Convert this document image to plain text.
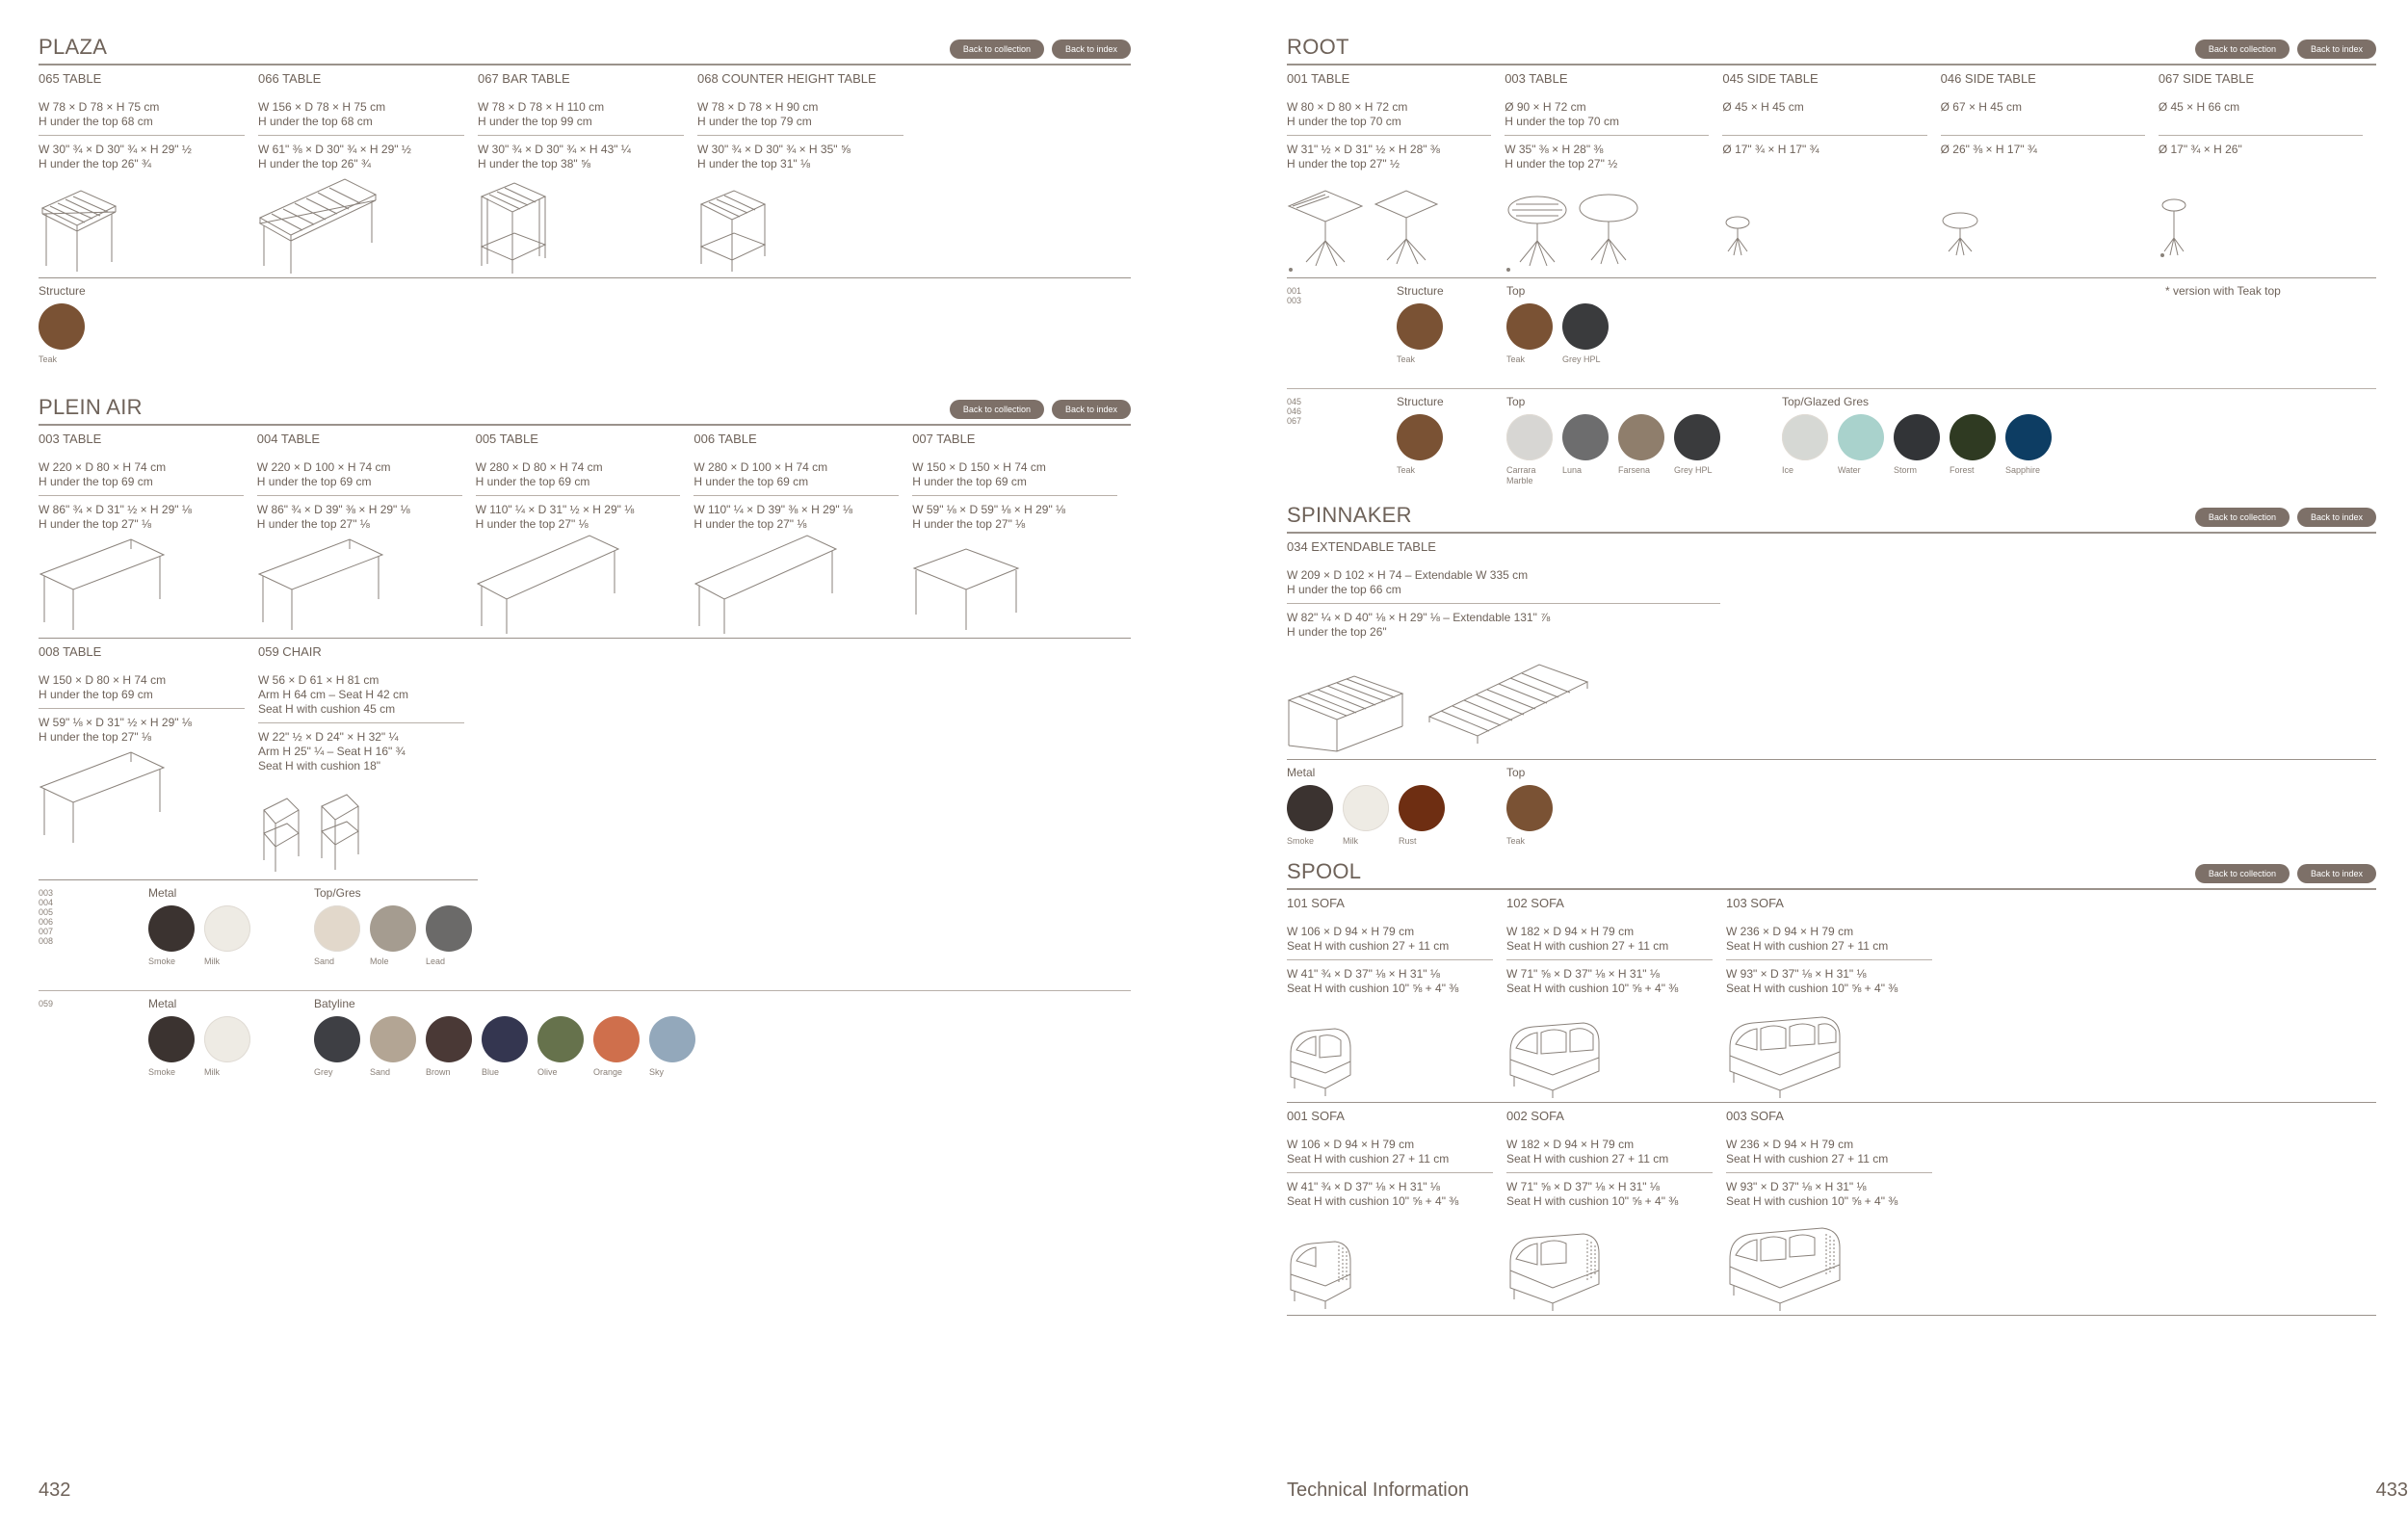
PLAZA	Back to collection	Back to index
065 TABLE
W 78 × D 78 × H 75 cm
H under the top 68 cm
W 30" ¾ × D 30" ¾ × H 29" ½
H under the top 26" ¾
066 TABLE
W 156 × D 78 × H 75 cm
H under the top 68 cm
W 61" ⅜ × D 30" ¾ × H 29" ½
H under the top 26" ¾
067 BAR TABLE
W 78 × D 78 × H 110 cm
H under the top 99 cm
W 30" ¾ × D 30" ¾ × H 43" ¼
H under the top 38" ⅝
068 COUNTER HEIGHT TABLE
W 78 × D 78 × H 90 cm
H under the top 79 cm
W 30" ¾ × D 30" ¾ × H 35" ⅝
H under the top 31" ⅛
Structure
Teak
PLEIN AIR	Back to collection	Back to index
003 TABLE
W 220 × D 80 × H 74 cm
H under the top 69 cm
W 86" ¾ × D 31" ½ × H 29" ⅛
H under the top 27" ⅛
004 TABLE
W 220 × D 100 × H 74 cm
H under the top 69 cm
W 86" ¾ × D 39" ⅜ × H 29" ⅛
H under the top 27" ⅛
005 TABLE
W 280 × D 80 × H 74 cm
H under the top 69 cm
W 110" ¼ × D 31" ½ × H 29" ⅛
H under the top 27" ⅛
006 TABLE
W 280 × D 100 × H 74 cm
H under the top 69 cm
W 110" ¼ × D 39" ⅜ × H 29" ⅛
H under the top 27" ⅛
007 TABLE
W 150 × D 150 × H 74 cm
H under the top 69 cm
W 59" ⅛ × D 59" ⅛ × H 29" ⅛
H under the top 27" ⅛
008 TABLE
W 150 × D 80 × H 74 cm
H under the top 69 cm
W 59" ⅛ × D 31" ½ × H 29" ⅛
H under the top 27" ⅛
059 CHAIR
W 56 × D 61 × H 81 cm
Arm H 64 cm – Seat H 42 cm
Seat H with cushion 45 cm
W 22" ½ × D 24" × H 32" ¼
Arm H 25" ¼ – Seat H 16" ¾
Seat H with cushion 18"
003
004
005
006
007
008
Metal
Smoke	Milk
Top/Gres
Sand	Mole	Lead
059	Metal
Smoke	Milk
Batyline
Grey	Sand	Brown	Blue	Olive	Orange	Sky
432
ROOT	Back to collection	Back to index
001 TABLE
W 80 × D 80 × H 72 cm
H under the top 70 cm
W 31" ½ × D 31" ½ × H 28" ⅜
H under the top 27" ½
003 TABLE
Ø 90 × H 72 cm
H under the top 70 cm
W 35" ⅜ × H 28" ⅜
H under the top 27" ½
045 SIDE TABLE
Ø 45 × H 45 cm
Ø 17" ¾ × H 17" ¾
046 SIDE TABLE
Ø 67 × H 45 cm
Ø 26" ⅜ × H 17" ¾
067 SIDE TABLE
Ø 45 × H 66 cm
Ø 17" ¾ × H 26"
001
003
Structure
Teak
Top
Teak	Grey HPL
* version with Teak top
045
046
067
Structure
Teak
Top
Carrara Marble
Luna	Farsena	Grey HPL
Top/Glazed Gres
Ice	Water	Storm	Forest	Sapphire
SPINNAKER	Back to collection	Back to index
034 EXTENDABLE TABLE
W 209 × D 102 × H 74 – Extendable W 335 cm
H under the top 66 cm
W 82" ¼ × D 40" ⅛ × H 29" ⅛ – Extendable 131" ⅞
H under the top 26"
Metal
Smoke	Milk	Rust
Top
Teak
SPOOL	Back to collection	Back to index
101 SOFA
W 106 × D 94 × H 79 cm
Seat H with cushion 27 + 11 cm
W 41" ¾ × D 37" ⅛ × H 31" ⅛
Seat H with cushion 10" ⅝ + 4" ⅜
102 SOFA
W 182 × D 94 × H 79 cm
Seat H with cushion 27 + 11 cm
W 71" ⅝ × D 37" ⅛ × H 31" ⅛
Seat H with cushion 10" ⅝ + 4" ⅜
103 SOFA
W 236 × D 94 × H 79 cm
Seat H with cushion 27 + 11 cm
W 93" × D 37" ⅛ × H 31" ⅛
Seat H with cushion 10" ⅝ + 4" ⅜
001 SOFA
W 106 × D 94 × H 79 cm
Seat H with cushion 27 + 11 cm
W 41" ¾ × D 37" ⅛ × H 31" ⅛
Seat H with cushion 10" ⅝ + 4" ⅜
002 SOFA
W 182 × D 94 × H 79 cm
Seat H with cushion 27 + 11 cm
W 71" ⅝ × D 37" ⅛ × H 31" ⅛
Seat H with cushion 10" ⅝ + 4" ⅜
003 SOFA
W 236 × D 94 × H 79 cm
Seat H with cushion 27 + 11 cm
W 93" × D 37" ⅛ × H 31" ⅛
Seat H with cushion 10" ⅝ + 4" ⅜
Technical Information	433
